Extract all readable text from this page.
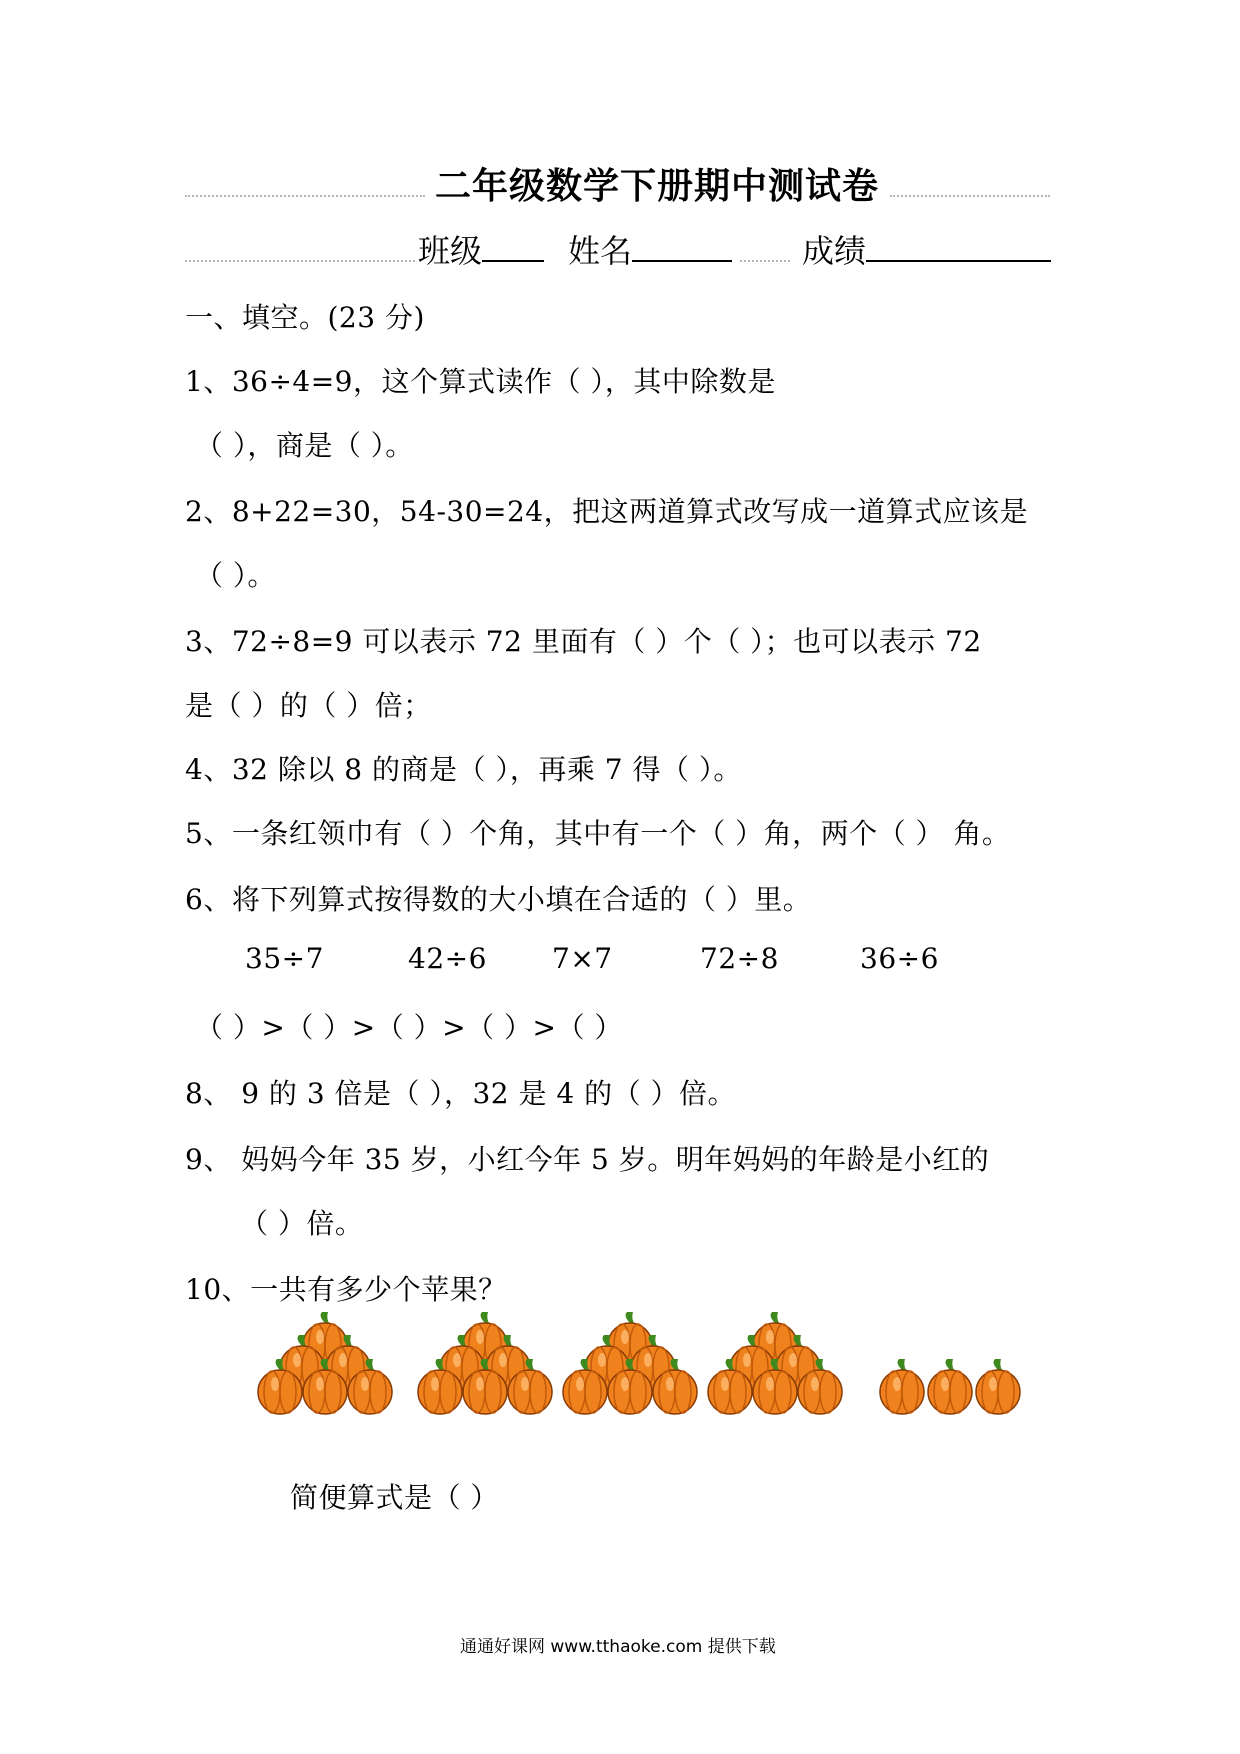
二年级数学下册期中测试卷
班级	姓名	成绩
一、填空。(23 分)
1、36÷4=9，这个算式读作（ ），其中除数是
（ ），商是（ ）。
2、8+22=30，54-30=24，把这两道算式改写成一道算式应该是
（ ）。
3、72÷8=9 可以表示 72 里面有（ ）个（ ）；也可以表示 72
是（ ）的（ ）倍；
4、32 除以 8 的商是（ ），再乘 7 得（ ）。
5、一条红领巾有（ ）个角，其中有一个（ ）角，两个（ ） 角。
6、将下列算式按得数的大小填在合适的（ ）里。
35÷7	42÷6 7×7	72÷8	36÷6
（ ）>（ ）>（ ）>（ ）>（ ）
8、 9 的 3 倍是（ ），32 是 4 的（ ）倍。
9、 妈妈今年 35 岁，小红今年 5 岁。明年妈妈的年龄是小红的
（ ）倍。
10、一共有多少个苹果？
简便算式是（ ）
通通好课网 www.tthaoke.com 提供下载
